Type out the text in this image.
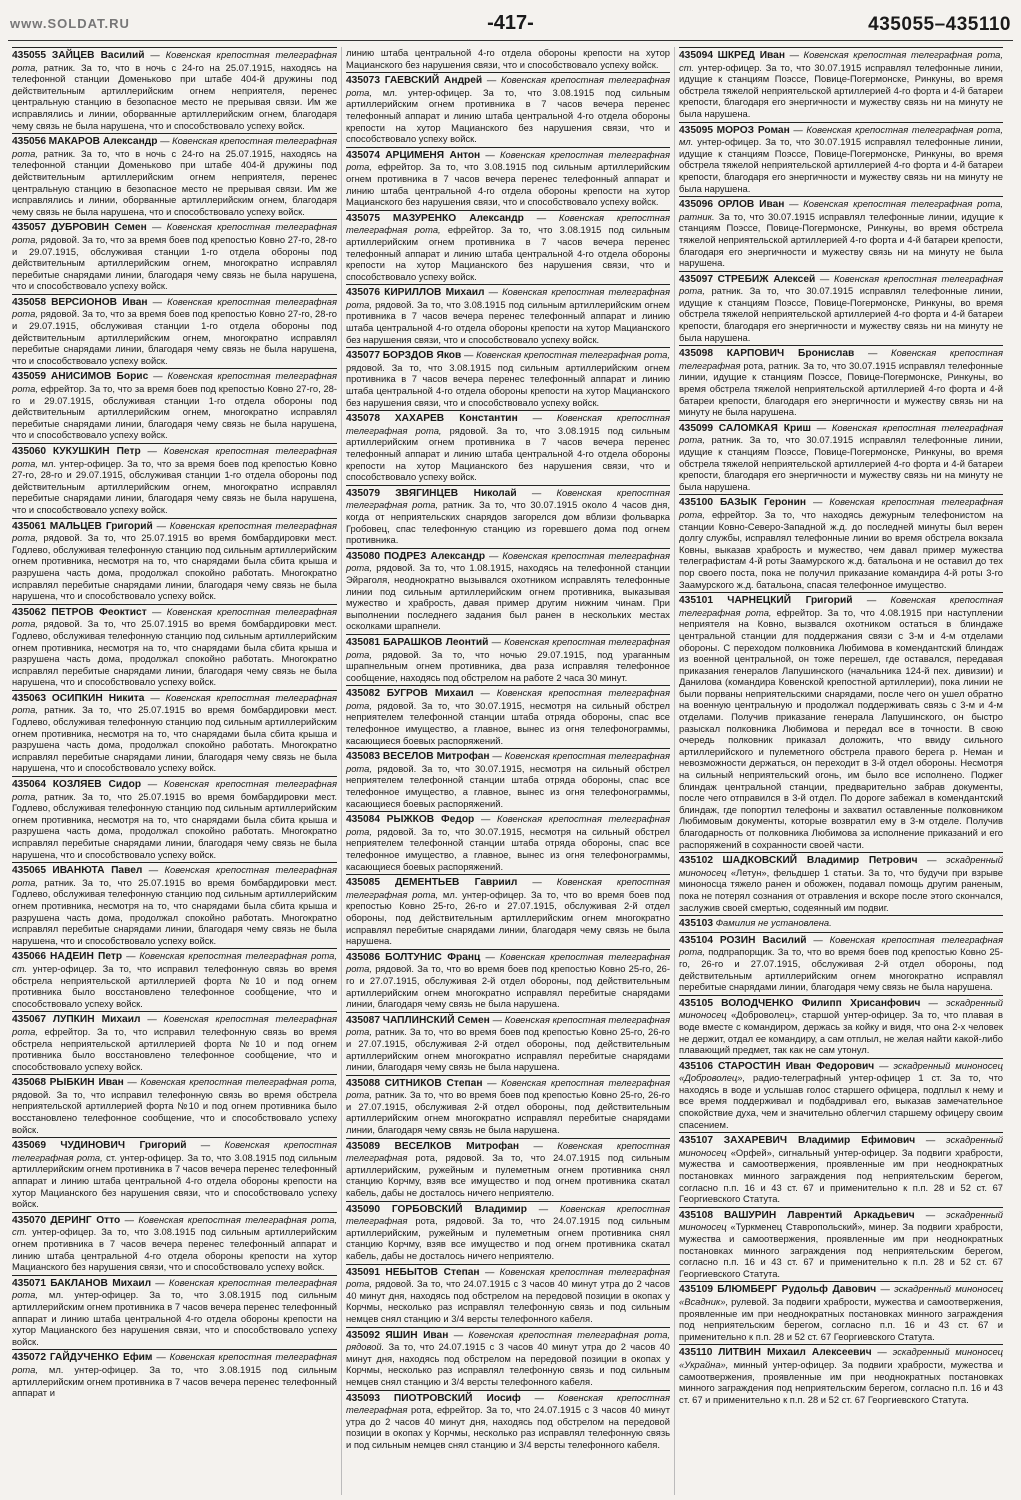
www.SOLDAT.RU	-417-	435055–435110
435055 ЗАЙЦЕВ Василий — Ковенская крепостная телеграфная рота, ратник. За то, что в ночь с 24-го на 25.07.1915, находясь на телефонной станции Доменьково при штабе 404-й дружины под действительным артиллерийским огнем неприятеля, перенес центральную станцию в безопасное место не прерывая связи. Им же исправлялись и линии, оборванные артиллерийским огнем, благодаря чему связь не была нарушена, что и способствовало успеху войск.
435056 МАКАРОВ Александр — Ковенская крепостная телеграфная рота, ратник. За то, что в ночь с 24-го на 25.07.1915, находясь на телефонной станции Доменьково при штабе 404-й дружины под действительным артиллерийским огнем неприятеля, перенес центральную станцию в безопасное место не прерывая связи. Им же исправлялись и линии, оборванные артиллерийским огнем, благодаря чему связь не была нарушена, что и способствовало успеху войск.
435057 ДУБРОВИН Семен — Ковенская крепостная телеграфная рота, рядовой. За то, что за время боев под крепостью Ковно 27-го, 28-го и 29.07.1915, обслуживая станции 1-го отдела обороны под действительным артиллерийским огнем, многократно исправлял перебитые снарядами линии, благодаря чему связь не была нарушена, что и способствовало успеху войск.
435058 ВЕРСИОНОВ Иван — Ковенская крепостная телеграфная рота, рядовой. За то, что за время боев под крепостью Ковно 27-го, 28-го и 29.07.1915, обслуживая станции 1-го отдела обороны под действительным артиллерийским огнем, многократно исправлял перебитые снарядами линии, благодаря чему связь не была нарушена, что и способствовало успеху войск.
435059 АНИСИМОВ Борис — Ковенская крепостная телеграфная рота, ефрейтор. За то, что за время боев под крепостью Ковно 27-го, 28-го и 29.07.1915, обслуживая станции 1-го отдела обороны под действительным артиллерийским огнем, многократно исправлял перебитые снарядами линии, благодаря чему связь не была нарушена, что и способствовало успеху войск.
435060 КУКУШКИН Петр — Ковенская крепостная телеграфная рота, мл. унтер-офицер. За то, что за время боев под крепостью Ковно 27-го, 28-го и 29.07.1915, обслуживая станции 1-го отдела обороны под действительным артиллерийским огнем, многократно исправлял перебитые снарядами линии, благодаря чему связь не была нарушена, что и способствовало успеху войск.
435061 МАЛЬЦЕВ Григорий — Ковенская крепостная телеграфная рота, рядовой. За то, что 25.07.1915 во время бомбардировки мест. Годлево, обслуживая телефонную станцию под сильным артиллерийским огнем противника, несмотря на то, что снарядами была сбита крыша и разрушена часть дома, продолжал спокойно работать. Многократно исправлял перебитые снарядами линии, благодаря чему связь не была нарушена, что и способствовало успеху войск.
435062 ПЕТРОВ Феоктист — Ковенская крепостная телеграфная рота, рядовой. За то, что 25.07.1915 во время бомбардировки мест. Годлево, обслуживая телефонную станцию под сильным артиллерийским огнем противника, несмотря на то, что снарядами была сбита крыша и разрушена часть дома, продолжал спокойно работать. Многократно исправлял перебитые снарядами линии, благодаря чему связь не была нарушена, что и способствовало успеху войск.
435063 ОСИПКИН Никита — Ковенская крепостная телеграфная рота, ратник. За то, что 25.07.1915 во время бомбардировки мест. Годлево, обслуживая телефонную станцию под сильным артиллерийским огнем противника, несмотря на то, что снарядами была сбита крыша и разрушена часть дома, продолжал спокойно работать. Многократно исправлял перебитые снарядами линии, благодаря чему связь не была нарушена, что и способствовало успеху войск.
435064 КОЗЛЯЕВ Сидор — Ковенская крепостная телеграфная рота, ратник. За то, что 25.07.1915 во время бомбардировки мест. Годлево, обслуживая телефонную станцию под сильным артиллерийским огнем противника, несмотря на то, что снарядами была сбита крыша и разрушена часть дома, продолжал спокойно работать. Многократно исправлял перебитые снарядами линии, благодаря чему связь не была нарушена, что и способствовало успеху войск.
435065 ИВАНЮТА Павел — Ковенская крепостная телеграфная рота, ратник. За то, что 25.07.1915 во время бомбардировки мест. Годлево, обслуживая телефонную станцию под сильным артиллерийским огнем противника, несмотря на то, что снарядами была сбита крыша и разрушена часть дома, продолжал спокойно работать. Многократно исправлял перебитые снарядами линии, благодаря чему связь не была нарушена, что и способствовало успеху войск.
435066 НАДЕИН Петр — Ковенская крепостная телеграфная рота, ст. унтер-офицер. За то, что исправил телефонную связь во время обстрела неприятельской артиллерией форта №10 и под огнем противника было восстановлено телефонное сообщение, что и способствовало успеху войск.
435067 ЛУПКИН Михаил — Ковенская крепостная телеграфная рота, ефрейтор. За то, что исправил телефонную связь во время обстрела неприятельской артиллерией форта №10 и под огнем противника было восстановлено телефонное сообщение, что и способствовало успеху войск.
435068 РЫБКИН Иван — Ковенская крепостная телеграфная рота, рядовой. За то, что исправил телефонную связь во время обстрела неприятельской артиллерией форта №10 и под огнем противника было восстановлено телефонное сообщение, что и способствовало успеху войск.
435069 ЧУДИНОВИЧ Григорий — Ковенская крепостная телеграфная рота, ст. унтер-офицер. За то, что 3.08.1915 под сильным артиллерийским огнем противника в 7 часов вечера перенес телефонный аппарат и линию штаба центральной 4-го отдела обороны крепости на хутор Мацианского без нарушения связи, что и способствовало успеху войск.
435070 ДЕРИНГ Отто — Ковенская крепостная телеграфная рота, ст. унтер-офицер. За то, что 3.08.1915 под сильным артиллерийским огнем противника в 7 часов вечера перенес телефонный аппарат и линию штаба центральной 4-го отдела обороны крепости на хутор Мацианского без нарушения связи, что и способствовало успеху войск.
435071 БАКЛАНОВ Михаил — Ковенская крепостная телеграфная рота, мл. унтер-офицер. За то, что 3.08.1915 под сильным артиллерийским огнем противника в 7 часов вечера перенес телефонный аппарат и линию штаба центральной 4-го отдела обороны крепости на хутор Мацианского без нарушения связи, что и способствовало успеху войск.
435072 ГАЙДУЧЕНКО Ефим — Ковенская крепостная телеграфная рота, мл. унтер-офицер. За то, что 3.08.1915 под сильным артиллерийским огнем противника в 7 часов вечера перенес телефонный аппарат и
линию штаба центральной 4-го отдела обороны крепости на хутор Мацианского без нарушения связи, что и способствовало успеху войск.
435073 ГАЕВСКИЙ Андрей — Ковенская крепостная телеграфная рота, мл. унтер-офицер. За то, что 3.08.1915 под сильным артиллерийским огнем противника в 7 часов вечера перенес телефонный аппарат и линию штаба центральной 4-го отдела обороны крепости на хутор Мацианского без нарушения связи, что и способствовало успеху войск.
435074 АРЦИМЕНЯ Антон — Ковенская крепостная телеграфная рота, ефрейтор. За то, что 3.08.1915 под сильным артиллерийским огнем противника в 7 часов вечера перенес телефонный аппарат и линию штаба центральной 4-го отдела обороны крепости на хутор Мацианского без нарушения связи, что и способствовало успеху войск.
435075 МАЗУРЕНКО Александр — Ковенская крепостная телеграфная рота, ефрейтор. За то, что 3.08.1915 под сильным артиллерийским огнем противника в 7 часов вечера перенес телефонный аппарат и линию штаба центральной 4-го отдела обороны крепости на хутор Мацианского без нарушения связи, что и способствовало успеху войск.
435076 КИРИЛЛОВ Михаил — Ковенская крепостная телеграфная рота, рядовой. За то, что 3.08.1915 под сильным артиллерийским огнем противника в 7 часов вечера перенес телефонный аппарат и линию штаба центральной 4-го отдела обороны крепости на хутор Мацианского без нарушения связи, что и способствовало успеху войск.
435077 БОРЗДОВ Яков — Ковенская крепостная телеграфная рота, рядовой. За то, что 3.08.1915 под сильным артиллерийским огнем противника в 7 часов вечера перенес телефонный аппарат и линию штаба центральной 4-го отдела обороны крепости на хутор Мацианского без нарушения связи, что и способствовало успеху войск.
435078 ХАХАРЕВ Константин — Ковенская крепостная телеграфная рота, рядовой. За то, что 3.08.1915 под сильным артиллерийским огнем противника в 7 часов вечера перенес телефонный аппарат и линию штаба центральной 4-го отдела обороны крепости на хутор Мацианского без нарушения связи, что и способствовало успеху войск.
435079 ЗВЯГИНЦЕВ Николай — Ковенская крепостная телеграфная рота, ратник. За то, что 30.07.1915 около 4 часов дня, когда от неприятельских снарядов загорелся дом вблизи фольварка Гробовец, спас телефонную станцию из горевшего дома под огнем противника.
435080 ПОДРЕЗ Александр — Ковенская крепостная телеграфная рота, рядовой. За то, что 1.08.1915, находясь на телефонной станции Эйраголя, неоднократно вызывался охотником исправлять телефонные линии под сильным артиллерийским огнем противника, выказывая мужество и храбрость, давая пример другим нижним чинам. При выполнении последнего задания был ранен в нескольких местах осколками шрапнели.
435081 БАРАШКОВ Леонтий — Ковенская крепостная телеграфная рота, рядовой. За то, что ночью 29.07.1915, под ураганным шрапнельным огнем противника, два раза исправляя телефонное сообщение, находясь под обстрелом на работе 2 часа 30 минут.
435082 БУГРОВ Михаил — Ковенская крепостная телеграфная рота, рядовой. За то, что 30.07.1915, несмотря на сильный обстрел неприятелем телефонной станции штаба отряда обороны, спас все телефонное имущество, а главное, вынес из огня телефонограммы, касающиеся боевых распоряжений.
435083 ВЕСЕЛОВ Митрофан — Ковенская крепостная телеграфная рота, рядовой. За то, что 30.07.1915, несмотря на сильный обстрел неприятелем телефонной станции штаба отряда обороны, спас все телефонное имущество, а главное, вынес из огня телефонограммы, касающиеся боевых распоряжений.
435084 РЫЖКОВ Федор — Ковенская крепостная телеграфная рота, рядовой. За то, что 30.07.1915, несмотря на сильный обстрел неприятелем телефонной станции штаба отряда обороны, спас все телефонное имущество, а главное, вынес из огня телефонограммы, касающиеся боевых распоряжений.
435085 ДЕМЕНТЬЕВ Гавриил — Ковенская крепостная телеграфная рота, мл. унтер-офицер. За то, что во время боев под крепостью Ковно 25-го, 26-го и 27.07.1915, обслуживая 2-й отдел обороны, под действительным артиллерийским огнем многократно исправлял перебитые снарядами линии, благодаря чему связь не была нарушена.
435086 БОЛТУНИС Франц — Ковенская крепостная телеграфная рота, рядовой. За то, что во время боев под крепостью Ковно 25-го, 26-го и 27.07.1915, обслуживая 2-й отдел обороны, под действительным артиллерийским огнем многократно исправлял перебитые снарядами линии, благодаря чему связь не была нарушена.
435087 ЧАПЛИНСКИЙ Семен — Ковенская крепостная телеграфная рота, ратник. За то, что во время боев под крепостью Ковно 25-го, 26-го и 27.07.1915, обслуживая 2-й отдел обороны, под действительным артиллерийским огнем многократно исправлял перебитые снарядами линии, благодаря чему связь не была нарушена.
435088 СИТНИКОВ Степан — Ковенская крепостная телеграфная рота, ратник. За то, что во время боев под крепостью Ковно 25-го, 26-го и 27.07.1915, обслуживая 2-й отдел обороны, под действительным артиллерийским огнем многократно исправлял перебитые снарядами линии, благодаря чему связь не была нарушена.
435089 ВЕСЕЛКОВ Митрофан — Ковенская крепостная телеграфная рота, рядовой. За то, что 24.07.1915 под сильным артиллерийским, ружейным и пулеметным огнем противника снял станцию Корчму, взяв все имущество и под огнем противника скатал кабель, дабы не досталось ничего неприятелю.
435090 ГОРБОВСКИЙ Владимир — Ковенская крепостная телеграфная рота, рядовой. За то, что 24.07.1915 под сильным артиллерийским, ружейным и пулеметным огнем противника снял станцию Корчму, взяв все имущество и под огнем противника скатал кабель, дабы не досталось ничего неприятелю.
435091 НЕБЫТОВ Степан — Ковенская крепостная телеграфная рота, рядовой. За то, что 24.07.1915 с 3 часов 40 минут утра до 2 часов 40 минут дня, находясь под обстрелом на передовой позиции в окопах у Корчмы, несколько раз исправлял телефонную связь и под сильным немцев снял станцию и 3/4 версты телефонного кабеля.
435092 ЯШИН Иван — Ковенская крепостная телеграфная рота, рядовой. За то, что 24.07.1915 с 3 часов 40 минут утра до 2 часов 40 минут дня, находясь под обстрелом на передовой позиции в окопах у Корчмы, несколько раз исправлял телефонную связь и под сильным немцев снял станцию и 3/4 версты телефонного кабеля.
435093 ПИОТРОВСКИЙ Иосиф — Ковенская крепостная телеграфная рота, ефрейтор. За то, что 24.07.1915 с 3 часов 40 минут утра до 2 часов 40 минут дня, находясь под обстрелом на передовой позиции в окопах у Корчмы, несколько раз исправлял телефонную связь и под сильным немцев снял станцию и 3/4 версты телефонного кабеля.
435094 ШКРЕД Иван — Ковенская крепостная телеграфная рота, ст. унтер-офицер. За то, что 30.07.1915 исправлял телефонные линии, идущие к станциям Поэссе, Повице-Погермонске, Ринкуны, во время обстрела тяжелой неприятельской артиллерией 4-го форта и 4-й батареи крепости, благодаря его энергичности и мужеству связь ни на минуту не была нарушена.
435095 МОРОЗ Роман — Ковенская крепостная телеграфная рота, мл. унтер-офицер. За то, что 30.07.1915 исправлял телефонные линии, идущие к станциям Поэссе, Повице-Погермонске, Ринкуны, во время обстрела тяжелой неприятельской артиллерией 4-го форта и 4-й батареи крепости, благодаря его энергичности и мужеству связь ни на минуту не была нарушена.
435096 ОРЛОВ Иван — Ковенская крепостная телеграфная рота, ратник. За то, что 30.07.1915 исправлял телефонные линии, идущие к станциям Поэссе, Повице-Погермонске, Ринкуны, во время обстрела тяжелой неприятельской артиллерией 4-го форта и 4-й батареи крепости, благодаря его энергичности и мужеству связь ни на минуту не была нарушена.
435097 СТРЕБИЖ Алексей — Ковенская крепостная телеграфная рота, ратник. За то, что 30.07.1915 исправлял телефонные линии, идущие к станциям Поэссе, Повице-Погермонске, Ринкуны, во время обстрела тяжелой неприятельской артиллерией 4-го форта и 4-й батареи крепости, благодаря его энергичности и мужеству связь ни на минуту не была нарушена.
435098 КАРПОВИЧ Бронислав — Ковенская крепостная телеграфная рота, ратник. За то, что 30.07.1915 исправлял телефонные линии, идущие к станциям Поэссе, Повице-Погермонске, Ринкуны, во время обстрела тяжелой неприятельской артиллерией 4-го форта и 4-й батареи крепости, благодаря его энергичности и мужеству связь ни на минуту не была нарушена.
435099 САЛОМКАЯ Криш — Ковенская крепостная телеграфная рота, ратник. За то, что 30.07.1915 исправлял телефонные линии, идущие к станциям Поэссе, Повице-Погермонске, Ринкуны, во время обстрела тяжелой неприятельской артиллерией 4-го форта и 4-й батареи крепости, благодаря его энергичности и мужеству связь ни на минуту не была нарушена.
435100 БАЗЫК Геронин — Ковенская крепостная телеграфная рота, ефрейтор. За то, что находясь дежурным телефонистом на станции Ковно-Северо-Западной ж.д. до последней минуты был верен долгу службы, исправлял телефонные линии во время обстрела вокзала Ковны, выказав храбрость и мужество, чем давал пример мужества телеграфистам 4-й роты Заамурского ж.д. батальона и не оставил до тех пор своего поста, пока не получил приказание командира 4-й роты 3-го Заамурского ж.д. батальона, спасая телефонное имущество.
435101 ЧАРНЕЦКИЙ Григорий — Ковенская крепостная телеграфная рота, ефрейтор. За то, что 4.08.1915 при наступлении неприятеля на Ковно, вызвался охотником остаться в блиндаже центральной станции для поддержания связи с 3-м и 4-м отделами обороны. С переходом полковника Любимова в комендантский блиндаж из военной центральной, он тоже перешел, где оставался, передавая приказания генералов Лапушинского (начальника 124-й пех. дивизии) и Данилова (командира Ковенской крепостной артиллерии), пока линии не были порваны неприятельскими снарядами, после чего он ушел обратно на военную центральную и продолжал поддерживать связь с 3-м и 4-м отделами. Получив приказание генерала Лапушинского, он быстро разыскал полковника Любимова и передал все в точности. В свою очередь полковник приказал доложить, что ввиду сильного артиллерийского и пулеметного обстрела правого берега р. Неман и невозможности держаться, он переходит в 3-й отдел обороны. Несмотря на сильный неприятельский огонь, им было все исполнено. Поджег блиндаж центральной станции, предварительно забрав документы, после чего отправился в 3-й отдел. По дороге забежал в комендантский блиндаж, где попортил телефоны и захватил оставленные полковником Любимовым документы, которые возвратил ему в 3-м отделе. Получив благодарность от полковника Любимова за исполнение приказаний и его распоряжений в сохранности своей части.
435102 ШАДКОВСКИЙ Владимир Петрович — эскадренный миноносец «Летун», фельдшер 1 статьи. За то, что будучи при взрыве миноносца тяжело ранен и обожжен, подавал помощь другим раненым, пока не потерял сознания от отравления и вскоре после этого скончался, заслужив своей смертью, содеянный им подвиг.
435103 Фамилия не установлена.
435104 РОЗИН Василий — Ковенская крепостная телеграфная рота, подпрапорщик. За то, что во время боев под крепостью Ковно 25-го, 26-го и 27.07.1915, обслуживая 2-й отдел обороны, под действительным артиллерийским огнем многократно исправлял перебитые снарядами линии, благодаря чему связь не была нарушена.
435105 ВОЛОДЧЕНКО Филипп Хрисанфович — эскадренный миноносец «Доброволец», старшой унтер-офицер. За то, что плавая в воде вместе с командиром, держась за койку и видя, что она 2-х человек не держит, отдал ее командиру, а сам отплыл, не желая найти какой-либо плавающий предмет, так как не сам утонул.
435106 СТАРОСТИН Иван Федорович — эскадренный миноносец «Доброволец», радио-телеграфный унтер-офицер 1 ст. За то, что находясь в воде и услышав голос старшего офицера, подплыл к нему и все время поддерживал и подбадривал его, выказав замечательное спокойствие духа, чем и значительно облегчил старшему офицеру своим спасением.
435107 ЗАХАРЕВИЧ Владимир Ефимович — эскадренный миноносец «Орфей», сигнальный унтер-офицер. За подвиги храбрости, мужества и самоотвержения, проявленные им при неоднократных постановках минного заграждения под неприятельским берегом, согласно п.п. 16 и 43 ст. 67 и применительно к п.п. 28 и 52 ст. 67 Георгиевского Статута.
435108 ВАШУРИН Лаврентий Аркадьевич — эскадренный миноносец «Туркменец Ставропольский», минер. За подвиги храбрости, мужества и самоотвержения, проявленные им при неоднократных постановках минного заграждения под неприятельским берегом, согласно п.п. 16 и 43 ст. 67 и применительно к п.п. 28 и 52 ст. 67 Георгиевского Статута.
435109 БЛЮМБЕРГ Рудольф Давович — эскадренный миноносец «Всадник», рулевой. За подвиги храбрости, мужества и самоотвержения, проявленные им при неоднократных постановках минного заграждения под неприятельским берегом, согласно п.п. 16 и 43 ст. 67 и применительно к п.п. 28 и 52 ст. 67 Георгиевского Статута.
435110 ЛИТВИН Михаил Алексеевич — эскадренный миноносец «Украйна», минный унтер-офицер. За подвиги храбрости, мужества и самоотвержения, проявленные им при неоднократных постановках минного заграждения под неприятельским берегом, согласно п.п. 16 и 43 ст. 67 и применительно к п.п. 28 и 52 ст. 67 Георгиевского Статута.
